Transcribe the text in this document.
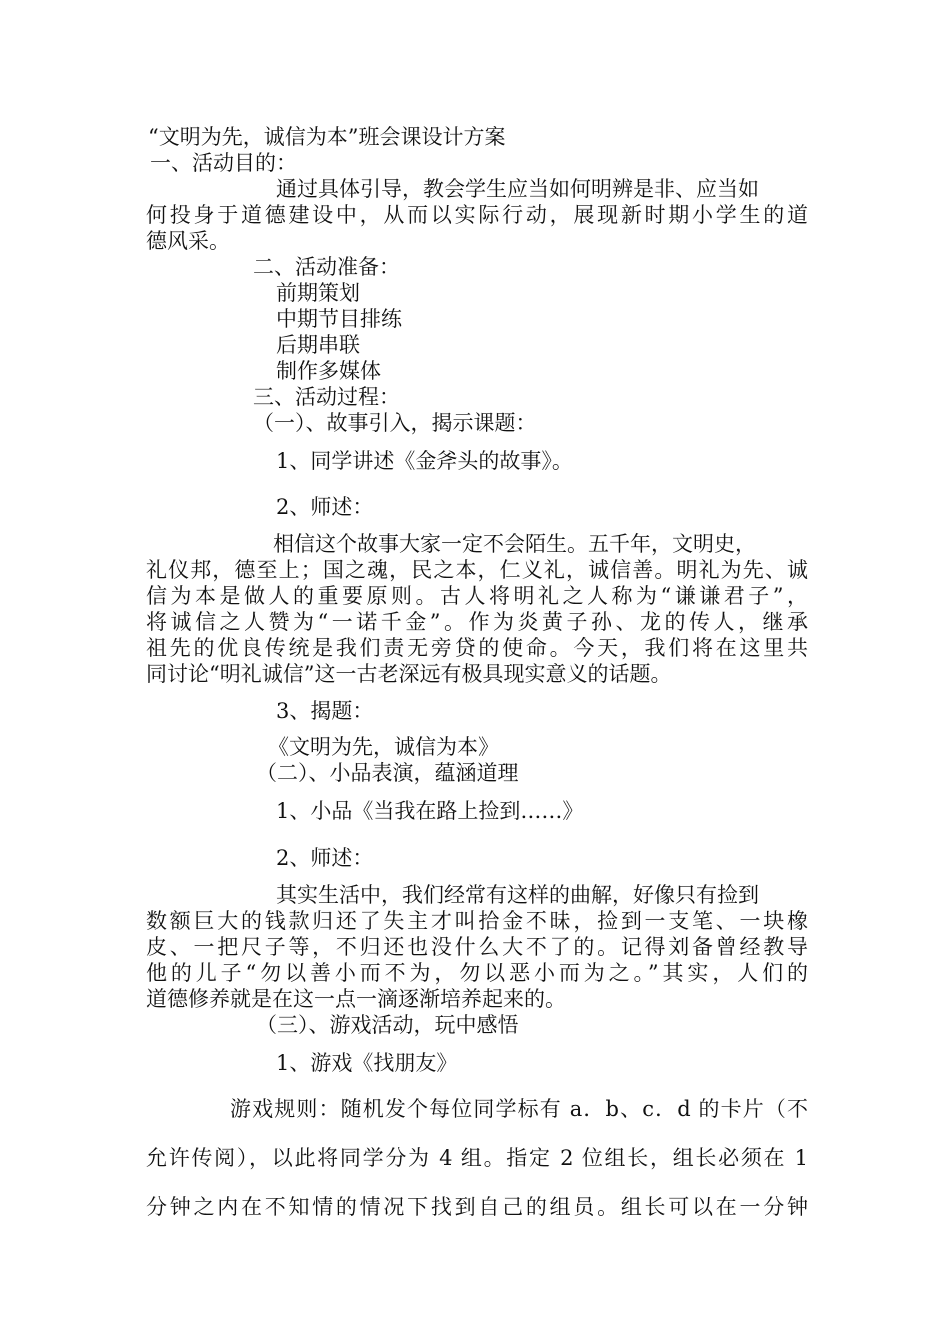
“文明为先，诚信为本”班会课设计方案

一、活动目的：

通过具体引导，教会学生应当如何明辨是非、应当如

何投身于道德建设中，从而以实际行动，展现新时期小学生的道

德风采。

二、活动准备：

前期策划

中期节目排练

后期串联

制作多媒体

三、活动过程：

（一）、故事引入，揭示课题：

1、同学讲述《金斧头的故事》。

2、师述：

相信这个故事大家一定不会陌生。五千年，文明史，

礼仪邦，德至上；国之魂，民之本，仁义礼，诚信善。明礼为先、诚

信为本是做人的重要原则。古人将明礼之人称为“谦谦君子”，

将诚信之人赞为“一诺千金”。作为炎黄子孙、龙的传人，继承

祖先的优良传统是我们责无旁贷的使命。今天，我们将在这里共

同讨论“明礼诚信”这一古老深远有极具现实意义的话题。

3、揭题：

《文明为先，诚信为本》

（二）、小品表演，蕴涵道理

1、小品《当我在路上捡到……》

2、师述：

其实生活中，我们经常有这样的曲解，好像只有捡到

数额巨大的钱款归还了失主才叫拾金不昧，捡到一支笔、一块橡

皮、一把尺子等，不归还也没什么大不了的。记得刘备曾经教导

他的儿子“勿以善小而不为，勿以恶小而为之。”其实，人们的

道德修养就是在这一点一滴逐渐培养起来的。

（三）、游戏活动，玩中感悟

1、游戏《找朋友》

游戏规则：随机发个每位同学标有 a．b、c．d 的卡片（不

允许传阅），以此将同学分为 4 组。指定 2 位组长，组长必须在 1

分钟之内在不知情的情况下找到自己的组员。组长可以在一分钟
